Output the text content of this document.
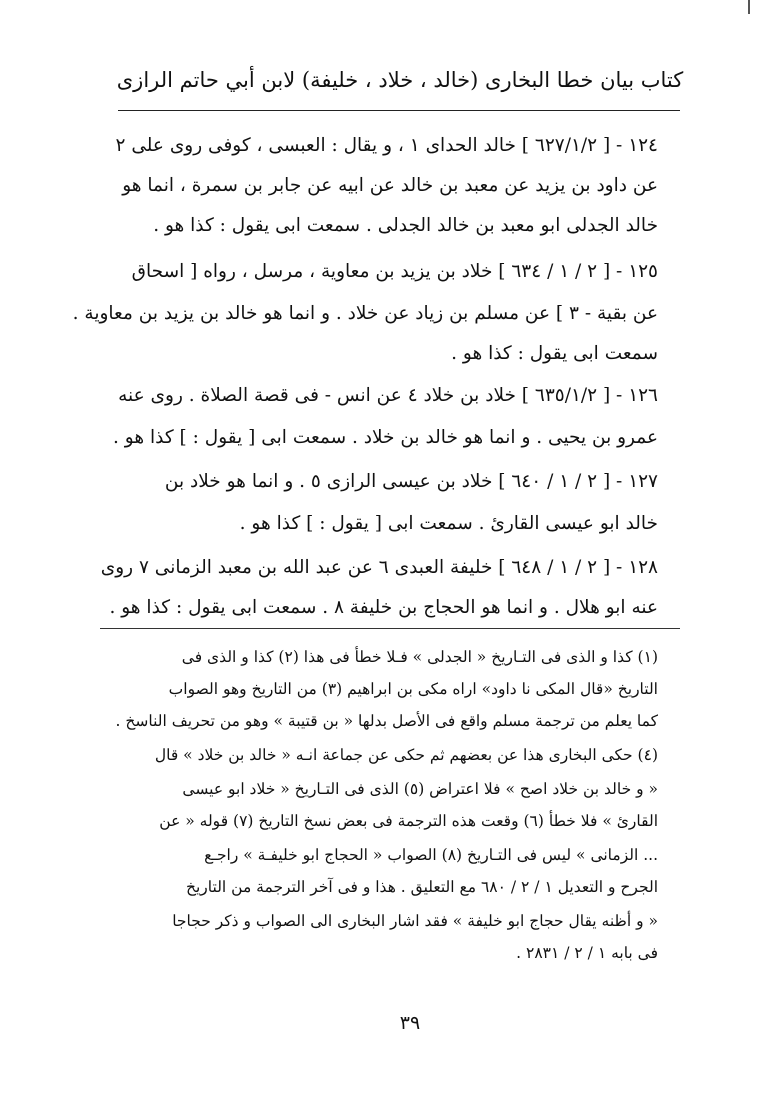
كتاب بيان خطا البخارى (خالد ، خلاد ، خليفة) لابن أبي حاتم الرازى
١٢٤ - [ ٦٢٧/١/٢ ] خالد الحداى ١ ، و يقال : العبسى ، كوفى روى على ٢
عن داود بن يزيد عن معبد بن خالد عن ابيه عن جابر بن سمرة ، انما هو
خالد الجدلى ابو معبد بن خالد الجدلى . سمعت ابى يقول : كذا هو .
١٢٥ - [ ٢ / ١ / ٦٣٤ ] خلاد بن يزيد بن معاوية ، مرسل ، رواه [ اسحاق
عن بقية - ٣ ] عن مسلم بن زياد عن خلاد . و انما هو خالد بن يزيد بن معاوية .
سمعت ابى يقول : كذا هو .
١٢٦ - [ ٦٣٥/١/٢ ] خلاد بن خلاد ٤ عن انس - فى قصة الصلاة . روى عنه
عمرو بن يحيى . و انما هو خالد بن خلاد . سمعت ابى [ يقول : ] كذا هو .
١٢٧ - [ ٢ / ١ / ٦٤٠ ] خلاد بن عيسى الرازى ٥ . و انما هو خلاد بن
خالد ابو عيسى القارئ . سمعت ابى [ يقول : ] كذا هو .
١٢٨ - [ ٢ / ١ / ٦٤٨ ] خليفة العبدى ٦ عن عبد الله بن معبد الزمانى ٧ روى
عنه ابو هلال . و انما هو الحجاج بن خليفة ٨ . سمعت ابى يقول : كذا هو .
(١) كذا و الذى فى التـاريخ « الجدلى » فـلا خطأ فى هذا (٢) كذا و الذى فى
التاريخ «قال المكى نا داود» اراه مكى بن ابراهيم (٣) من التاريخ وهو الصواب
كما يعلم من ترجمة مسلم واقع فى الأصل بدلها « بن قتيبة » وهو من تحريف الناسخ .
(٤) حكى البخارى هذا عن بعضهم ثم حكى عن جماعة انـه « خالد بن خلاد » قال
« و خالد بن خلاد اصح » فلا اعتراض (٥) الذى فى التـاريخ « خلاد ابو عيسى
القارئ » فلا خطأ (٦) وقعت هذه الترجمة فى بعض نسخ التاريخ (٧) قوله « عن
... الزمانى » ليس فى التـاريخ (٨) الصواب « الحجاج ابو خليفـة » راجـع
الجرح و التعديل ١ / ٢ / ٦٨٠ مع التعليق . هذا و فى آخر الترجمة من التاريخ
« و أظنه يقال حجاج ابو خليفة » فقد اشار البخارى الى الصواب و ذكر حجاجا
فى بابه ١ / ٢ / ٢٨٣١ .
٣٩
